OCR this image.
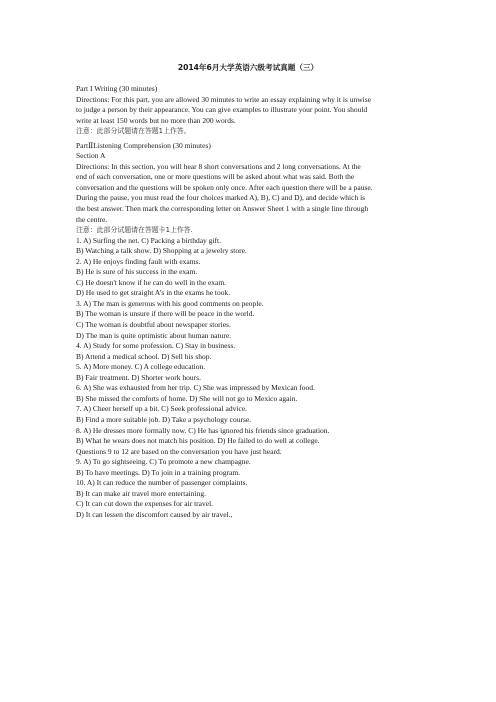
2014年6月大学英语六级考试真题（三）
Part I Writing (30 minutes)
Directions: For this part, you are allowed 30 minutes to write an essay explaining why it is unwise
to judge a person by their appearance. You can give examples to illustrate your point. You should
write at least 150 words but no more than 200 words.
注意：此部分试题请在答题1上作答。
PartⅡListening Comprehension (30 minutes)
Section A
Directions: In this section, you will hear 8 short conversations and 2 long conversations. At the
end of each conversation, one or more questions will be asked about what was said. Both the
conversation and the questions will be spoken only once. After each question there will be a pause.
During the pause, you must read the four choices marked A), B), C) and D), and decide which is
the best answer. Then mark the corresponding letter on Answer Sheet 1 with a single line through
the centre.
注意：此部分试题请在答题卡1上作答.
1. A) Surfing the net. C) Packing a birthday gift.
B) Watching a talk show. D) Shopping at a jewelry store.
2. A) He enjoys finding fault with exams.
B) He is sure of his success in the exam.
C) He doesn't know if he can do well in the exam.
D) He used to get straight A’s in the exams he took.
3. A) The man is generous with his good comments on people.
B) The woman is unsure if there will be peace in the world.
C) The woman is doubtful about newspaper stories.
D) The man is quite optimistic about human nature.
4. A) Study for some profession. C) Stay in business.
B) Attend a medical school. D) Sell his shop.
5. A) More money. C) A college education.
B) Fair treatment. D) Shorter work hours.
6. A) She was exhausted from her trip. C) She was impressed by Mexican food.
B) She missed the comforts of home. D) She will not go to Mexico again.
7. A) Cheer herself up a bit. C) Seek professional advice.
B) Find a more suitable job. D) Take a psychology course.
8. A) He dresses more formally now. C) He has ignored his friends since graduation.
B) What he wears does not match his position. D) He failed to do well at college.
Questions 9 to 12 are based on the conversation you have just heard.
9. A) To go sightseeing. C) To promote a new champagne.
B) To have meetings. D) To join in a training program.
10. A) It can reduce the number of passenger complaints.
B) It can make air travel more entertaining.
C) It can cut down the expenses for air travel.
D) It can lessen the discomfort caused by air travel.,
